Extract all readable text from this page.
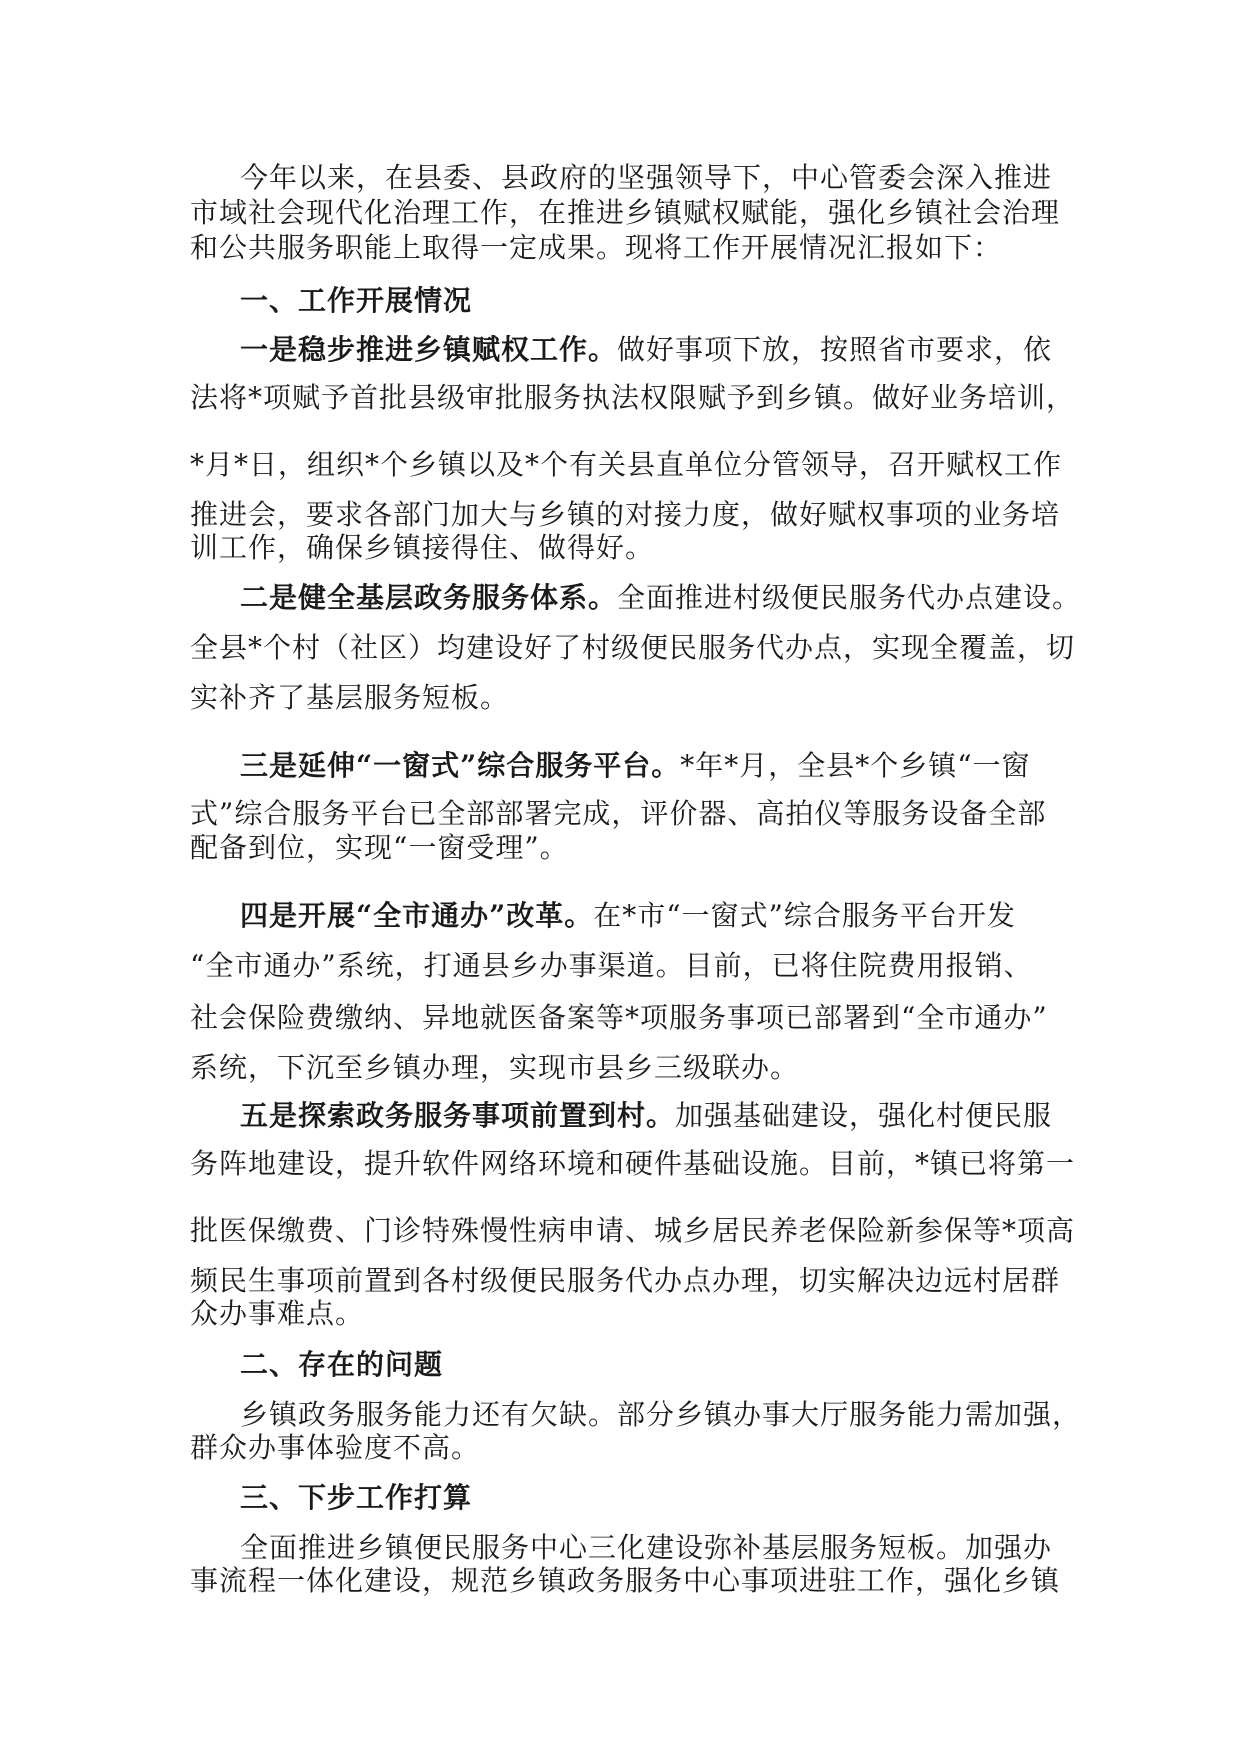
今年以来，在县委、县政府的坚强领导下，中心管委会深入推进
市域社会现代化治理工作，在推进乡镇赋权赋能，强化乡镇社会治理
和公共服务职能上取得一定成果。现将工作开展情况汇报如下：
一、工作开展情况
一是稳步推进乡镇赋权工作。做好事项下放，按照省市要求，依
法将*项赋予首批县级审批服务执法权限赋予到乡镇。做好业务培训，
*月*日，组织*个乡镇以及*个有关县直单位分管领导，召开赋权工作
推进会，要求各部门加大与乡镇的对接力度，做好赋权事项的业务培
训工作，确保乡镇接得住、做得好。
二是健全基层政务服务体系。全面推进村级便民服务代办点建设。
全县*个村（社区）均建设好了村级便民服务代办点，实现全覆盖，切
实补齐了基层服务短板。
三是延伸“一窗式”综合服务平台。*年*月，全县*个乡镇“一窗
式”综合服务平台已全部部署完成，评价器、高拍仪等服务设备全部
配备到位，实现“一窗受理”。
四是开展“全市通办”改革。在*市“一窗式”综合服务平台开发
“全市通办”系统，打通县乡办事渠道。目前，已将住院费用报销、
社会保险费缴纳、异地就医备案等*项服务事项已部署到“全市通办”
系统，下沉至乡镇办理，实现市县乡三级联办。
五是探索政务服务事项前置到村。加强基础建设，强化村便民服
务阵地建设，提升软件网络环境和硬件基础设施。目前，*镇已将第一
批医保缴费、门诊特殊慢性病申请、城乡居民养老保险新参保等*项高
频民生事项前置到各村级便民服务代办点办理，切实解决边远村居群
众办事难点。
二、存在的问题
乡镇政务服务能力还有欠缺。部分乡镇办事大厅服务能力需加强，
群众办事体验度不高。
三、下步工作打算
全面推进乡镇便民服务中心三化建设弥补基层服务短板。加强办
事流程一体化建设，规范乡镇政务服务中心事项进驻工作，强化乡镇
